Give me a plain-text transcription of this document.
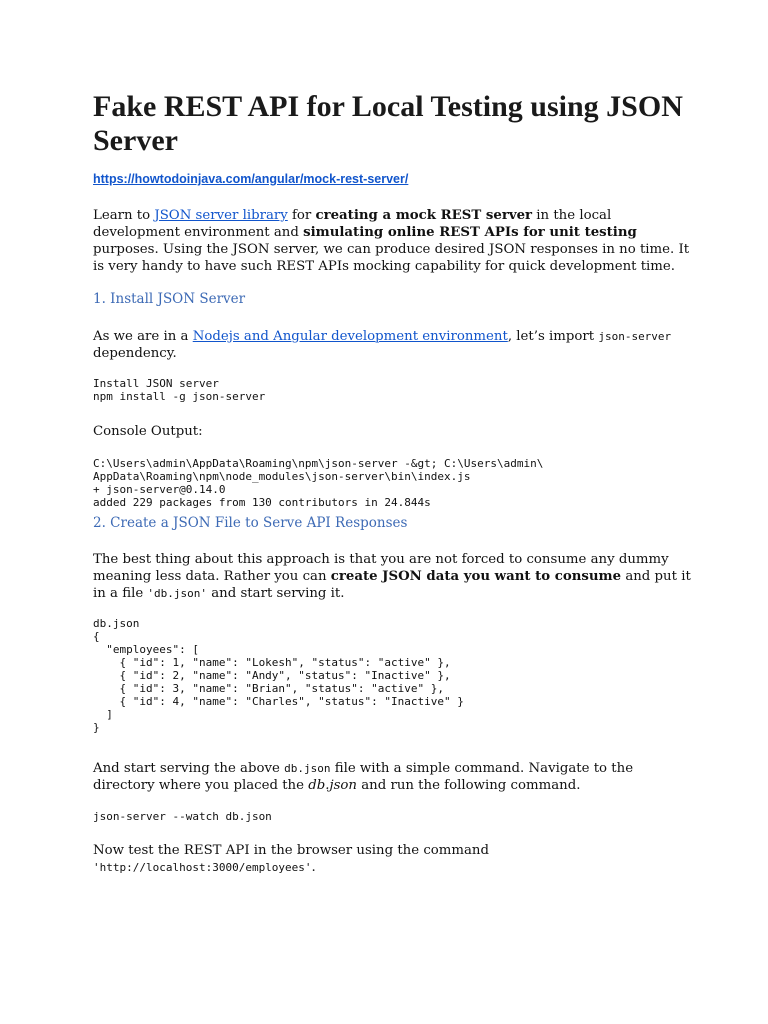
Fake REST API for Local Testing using JSON Server
https://howtodoinjava.com/angular/mock-rest-server/
Learn to JSON server library for creating a mock REST server in the local development environment and simulating online REST APIs for unit testing purposes. Using the JSON server, we can produce desired JSON responses in no time. It is very handy to have such REST APIs mocking capability for quick development time.
1. Install JSON Server
As we are in a Nodejs and Angular development environment, let’s import json-server dependency.
Install JSON server
npm install -g json-server
Console Output:
C:\Users\admin\AppData\Roaming\npm\json-server -&gt; C:\Users\admin\
AppData\Roaming\npm\node_modules\json-server\bin\index.js
+ json-server@0.14.0
added 229 packages from 130 contributors in 24.844s
2. Create a JSON File to Serve API Responses
The best thing about this approach is that you are not forced to consume any dummy meaning less data. Rather you can create JSON data you want to consume and put it in a file 'db.json' and start serving it.
db.json
{
"employees": [
{ "id": 1, "name": "Lokesh", "status": "active" },
{ "id": 2, "name": "Andy", "status": "Inactive" },
{ "id": 3, "name": "Brian", "status": "active" },
{ "id": 4, "name": "Charles", "status": "Inactive" }
]
}
And start serving the above db.json file with a simple command. Navigate to the directory where you placed the db.json and run the following command.
json-server --watch db.json
Now test the REST API in the browser using the command
'http://localhost:3000/employees'.
